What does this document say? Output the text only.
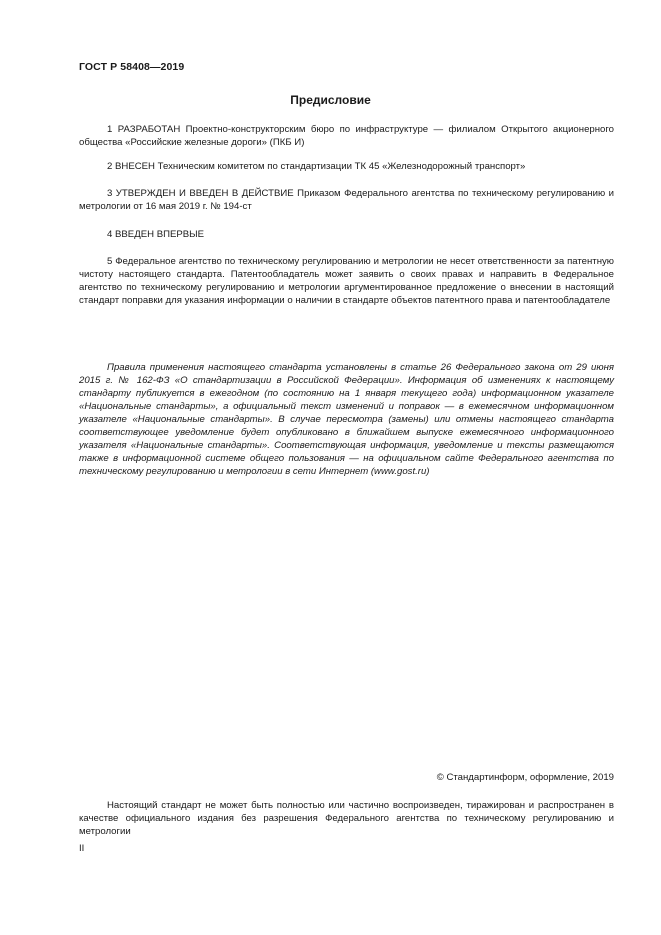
ГОСТ Р 58408—2019
Предисловие

1 РАЗРАБОТАН Проектно-конструкторским бюро по инфраструктуре — филиалом Открытого акционерного общества «Российские железные дороги» (ПКБ И)

2 ВНЕСЕН Техническим комитетом по стандартизации ТК 45 «Железнодорожный транспорт»

3 УТВЕРЖДЕН И ВВЕДЕН В ДЕЙСТВИЕ Приказом Федерального агентства по техническому регулированию и метрологии от 16 мая 2019 г. № 194-ст

4 ВВЕДЕН ВПЕРВЫЕ

5 Федеральное агентство по техническому регулированию и метрологии не несет ответственности за патентную чистоту настоящего стандарта. Патентообладатель может заявить о своих правах и направить в Федеральное агентство по техническому регулированию и метрологии аргументированное предложение о внесении в настоящий стандарт поправки для указания информации о наличии в стандарте объектов патентного права и патентообладателе

Правила применения настоящего стандарта установлены в статье 26 Федерального закона от 29 июня 2015 г. № 162-ФЗ «О стандартизации в Российской Федерации». Информация об изменениях к настоящему стандарту публикуется в ежегодном (по состоянию на 1 января текущего года) информационном указателе «Национальные стандарты», а официальный текст изменений и поправок — в ежемесячном информационном указателе «Национальные стандарты». В случае пересмотра (замены) или отмены настоящего стандарта соответствующее уведомление будет опубликовано в ближайшем выпуске ежемесячного информационного указателя «Национальные стандарты». Соответствующая информация, уведомление и тексты размещаются также в информационной системе общего пользования — на официальном сайте Федерального агентства по техническому регулированию и метрологии в сети Интернет (www.gost.ru)

© Стандартинформ, оформление, 2019

Настоящий стандарт не может быть полностью или частично воспроизведен, тиражирован и распространен в качестве официального издания без разрешения Федерального агентства по техническому регулированию и метрологии

II
